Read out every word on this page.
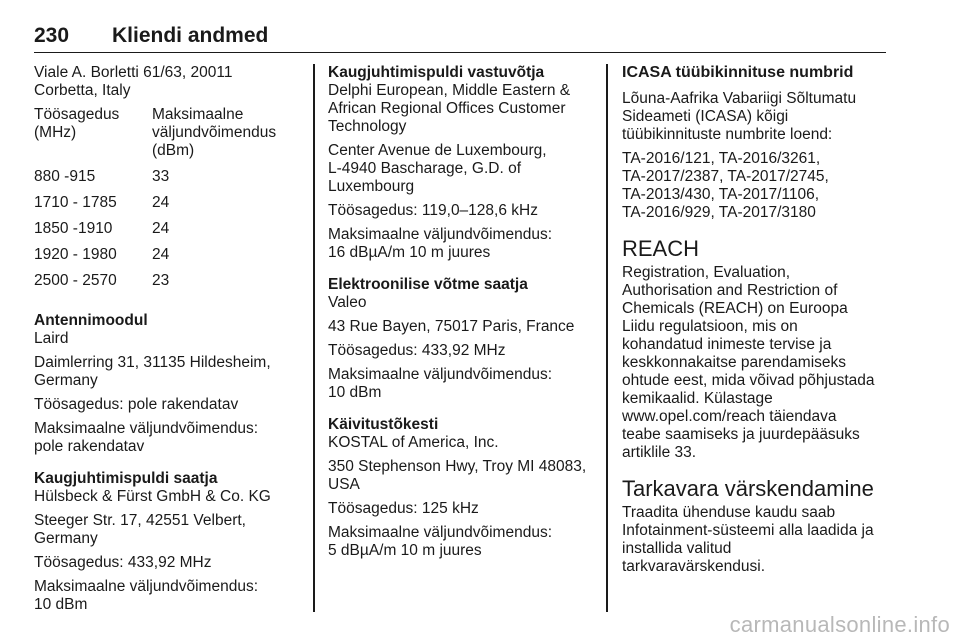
230 Kliendi andmed

Viale A. Borletti 61/63, 20011
Corbetta, Italy

Töösagedus
(MHz)	Maksimaalne
väljundvõimendus
(dBm)
880 -915	33
1710 - 1785	24
1850 -1910	24
1920 - 1980	24
2500 - 2570	23

Antennimoodul

Laird

Daimlerring 31, 31135 Hildesheim,
Germany

Töösagedus: pole rakendatav

Maksimaalne väljundvõimendus:
pole rakendatav

Kaugjuhtimispuldi saatja

Hülsbeck & Fürst GmbH & Co. KG

Steeger Str. 17, 42551 Velbert,
Germany

Töösagedus: 433,92 MHz

Maksimaalne väljundvõimendus:
10 dBm

Kaugjuhtimispuldi vastuvõtja

Delphi European, Middle Eastern &
African Regional Offices Customer
Technology

Center Avenue de Luxembourg,
L-4940 Bascharage, G.D. of
Luxembourg

Töösagedus: 119,0–128,6 kHz

Maksimaalne väljundvõimendus:
16 dBµA/m 10 m juures

Elektroonilise võtme saatja

Valeo

43 Rue Bayen, 75017 Paris, France

Töösagedus: 433,92 MHz

Maksimaalne väljundvõimendus:
10 dBm

Käivitustõkesti

KOSTAL of America, Inc.

350 Stephenson Hwy, Troy MI 48083,
USA

Töösagedus: 125 kHz

Maksimaalne väljundvõimendus:
5 dBµA/m 10 m juures

ICASA tüübikinnituse numbrid

Lõuna-Aafrika Vabariigi Sõltumatu
Sideameti (ICASA) kõigi
tüübikinnituste numbrite loend:

TA-2016/121, TA-2016/3261,
TA-2017/2387, TA-2017/2745,
TA-2013/430, TA-2017/1106,
TA-2016/929, TA-2017/3180

REACH

Registration, Evaluation,
Authorisation and Restriction of
Chemicals (REACH) on Euroopa
Liidu regulatsioon, mis on
kohandatud inimeste tervise ja
keskkonnakaitse parendamiseks
ohtude eest, mida võivad põhjustada
kemikaalid. Külastage
www.opel.com/reach täiendava
teabe saamiseks ja juurdepääsuks
artiklile 33.

Tarkavara värskendamine

Traadita ühenduse kaudu saab
Infotainment-süsteemi alla laadida ja
installida valitud
tarkvaravärskendusi.

carmanualsonline.info
